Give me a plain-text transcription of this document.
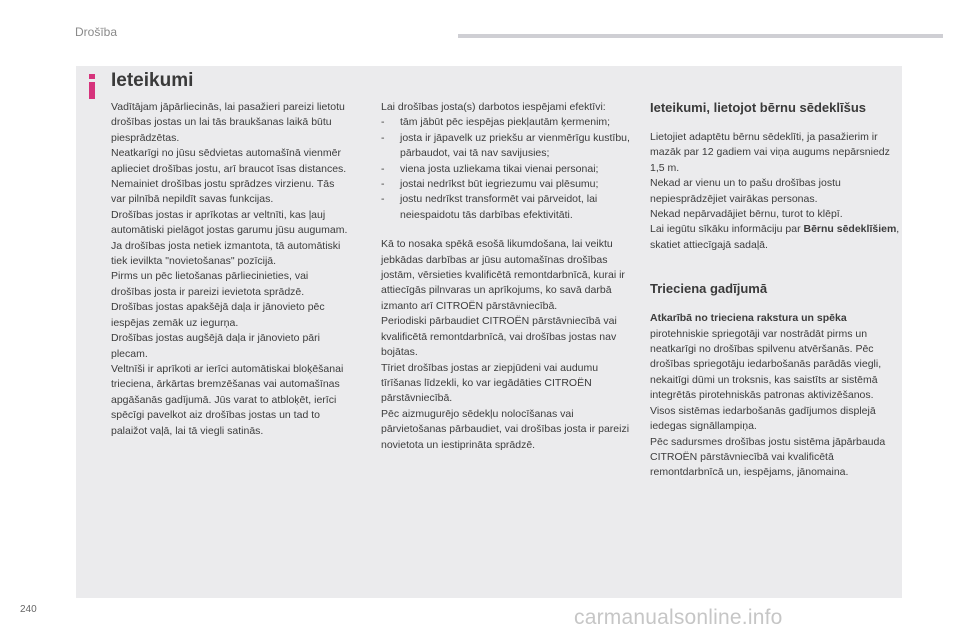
Drošība
Ieteikumi

Vadītājam jāpārliecinās, lai pasažieri pareizi lietotu drošības jostas un lai tās braukšanas laikā būtu piesprādzētas.

Neatkarīgi no jūsu sēdvietas automašīnā vienmēr aplieciet drošības jostu, arī braucot īsas distances.

Nemainiet drošības jostu sprādzes virzienu. Tās var pilnībā nepildīt savas funkcijas.

Drošības jostas ir aprīkotas ar veltnīti, kas ļauj automātiski pielāgot jostas garumu jūsu augumam. Ja drošības josta netiek izmantota, tā automātiski tiek ievilkta "novietošanas" pozīcijā.

Pirms un pēc lietošanas pārliecinieties, vai drošības josta ir pareizi ievietota sprādzē.

Drošības jostas apakšējā daļa ir jānovieto pēc iespējas zemāk uz iegurņa.

Drošības jostas augšējā daļa ir jānovieto pāri plecam.

Veltnīši ir aprīkoti ar ierīci automātiskai bloķēšanai trieciena, ārkārtas bremzēšanas vai automašīnas apgāšanās gadījumā. Jūs varat to atbloķēt, ierīci spēcīgi pavelkot aiz drošības jostas un tad to palaižot vaļā, lai tā viegli satinās.

Lai drošības josta(s) darbotos iespējami efektīvi:

- tām jābūt pēc iespējas piekļautām ķermenim;
- josta ir jāpavelk uz priekšu ar vienmērīgu kustību, pārbaudot, vai tā nav savijusies;
- viena josta uzliekama tikai vienai personai;
- jostai nedrīkst būt iegriezumu vai plēsumu;
- jostu nedrīkst transformēt vai pārveidot, lai neiespaidotu tās darbības efektivitāti.

Kā to nosaka spēkā esošā likumdošana, lai veiktu jebkādas darbības ar jūsu automašīnas drošības jostām, vērsieties kvalificētā remontdarbnīcā, kurai ir attiecīgās pilnvaras un aprīkojums, ko savā darbā izmanto arī CITROËN pārstāvniecībā.

Periodiski pārbaudiet CITROËN pārstāvniecībā vai kvalificētā remontdarbnīcā, vai drošības jostas nav bojātas.

Tīriet drošības jostas ar ziepjūdeni vai audumu tīrīšanas līdzekli, ko var iegādāties CITROËN pārstāvniecībā.

Pēc aizmugurējo sēdekļu nolocīšanas vai pārvietošanas pārbaudiet, vai drošības josta ir pareizi novietota un iestiprināta sprādzē.

Ieteikumi, lietojot bērnu sēdeklīšus

Lietojiet adaptētu bērnu sēdeklīti, ja pasažierim ir mazāk par 12 gadiem vai viņa augums nepārsniedz 1,5 m.

Nekad ar vienu un to pašu drošības jostu nepiesprādzējiet vairākas personas.

Nekad nepārvadājiet bērnu, turot to klēpī.

Lai iegūtu sīkāku informāciju par Bērnu sēdeklīšiem, skatiet attiecīgajā sadaļā.

Trieciena gadījumā

Atkarībā no trieciena rakstura un spēka pirotehniskie spriegotāji var nostrādāt pirms un neatkarīgi no drošības spilvenu atvēršanās. Pēc drošības spriegotāju iedarbošanās parādās viegli, nekaitīgi dūmi un troksnis, kas saistīts ar sistēmā integrētās pirotehniskās patronas aktivizēšanos.

Visos sistēmas iedarbošanās gadījumos displejā iedegas signāllampiņa.

Pēc sadursmes drošības jostu sistēma jāpārbauda CITROËN pārstāvniecībā vai kvalificētā remontdarbnīcā un, iespējams, jānomaina.

240	carmanualsonline.info
